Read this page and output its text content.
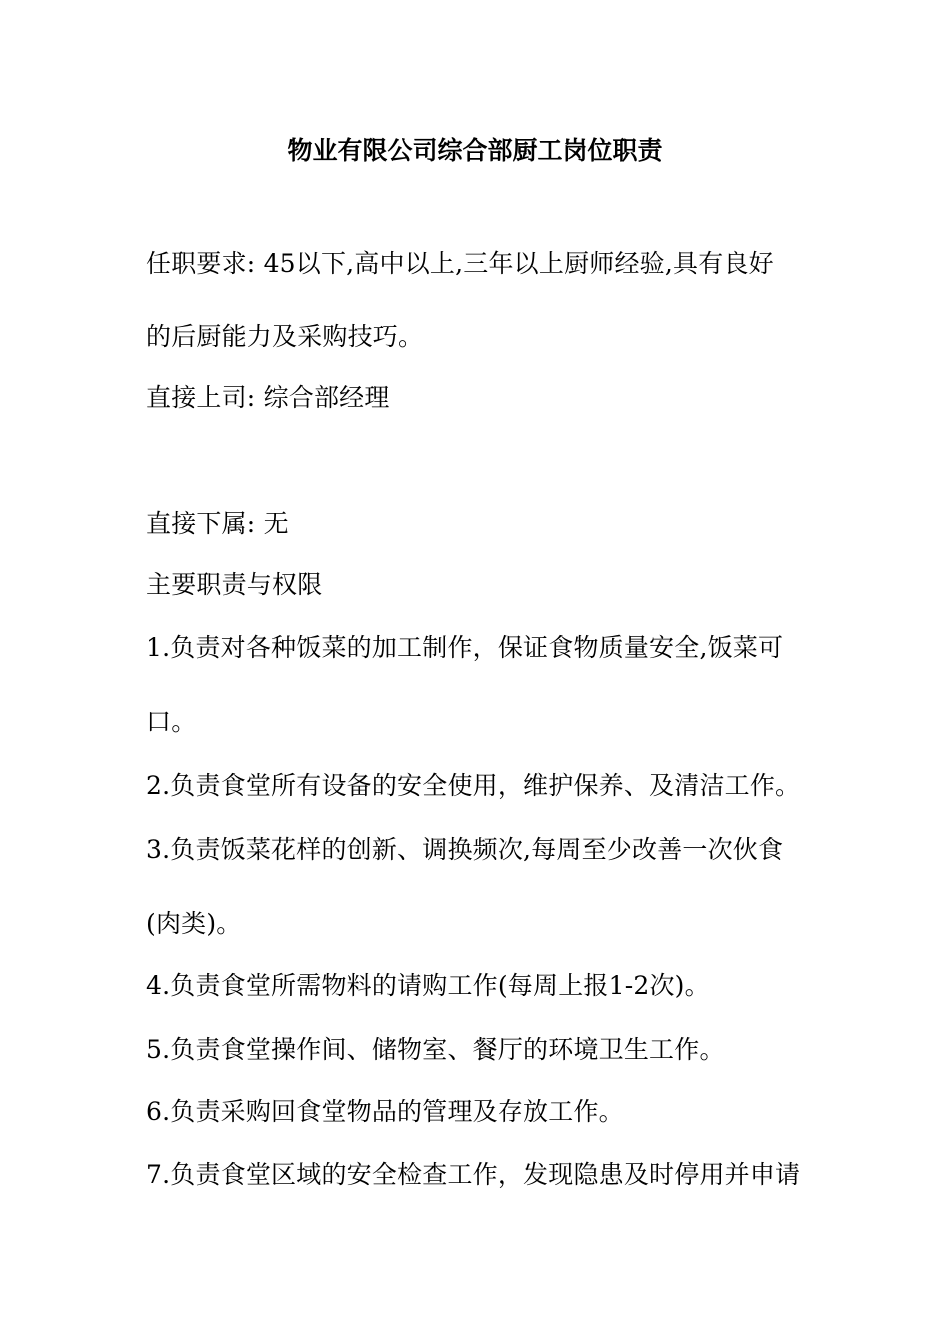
物业有限公司综合部厨工岗位职责
任职要求: 45以下,高中以上,三年以上厨师经验,具有良好
的后厨能力及采购技巧。
直接上司: 综合部经理
直接下属: 无
主要职责与权限
1.负责对各种饭菜的加工制作，保证食物质量安全,饭菜可
口。
2.负责食堂所有设备的安全使用，维护保养、及清洁工作。
3.负责饭菜花样的创新、调换频次,每周至少改善一次伙食
(肉类)。
4.负责食堂所需物料的请购工作(每周上报1-2次)。
5.负责食堂操作间、储物室、餐厅的环境卫生工作。
6.负责采购回食堂物品的管理及存放工作。
7.负责食堂区域的安全检查工作，发现隐患及时停用并申请
